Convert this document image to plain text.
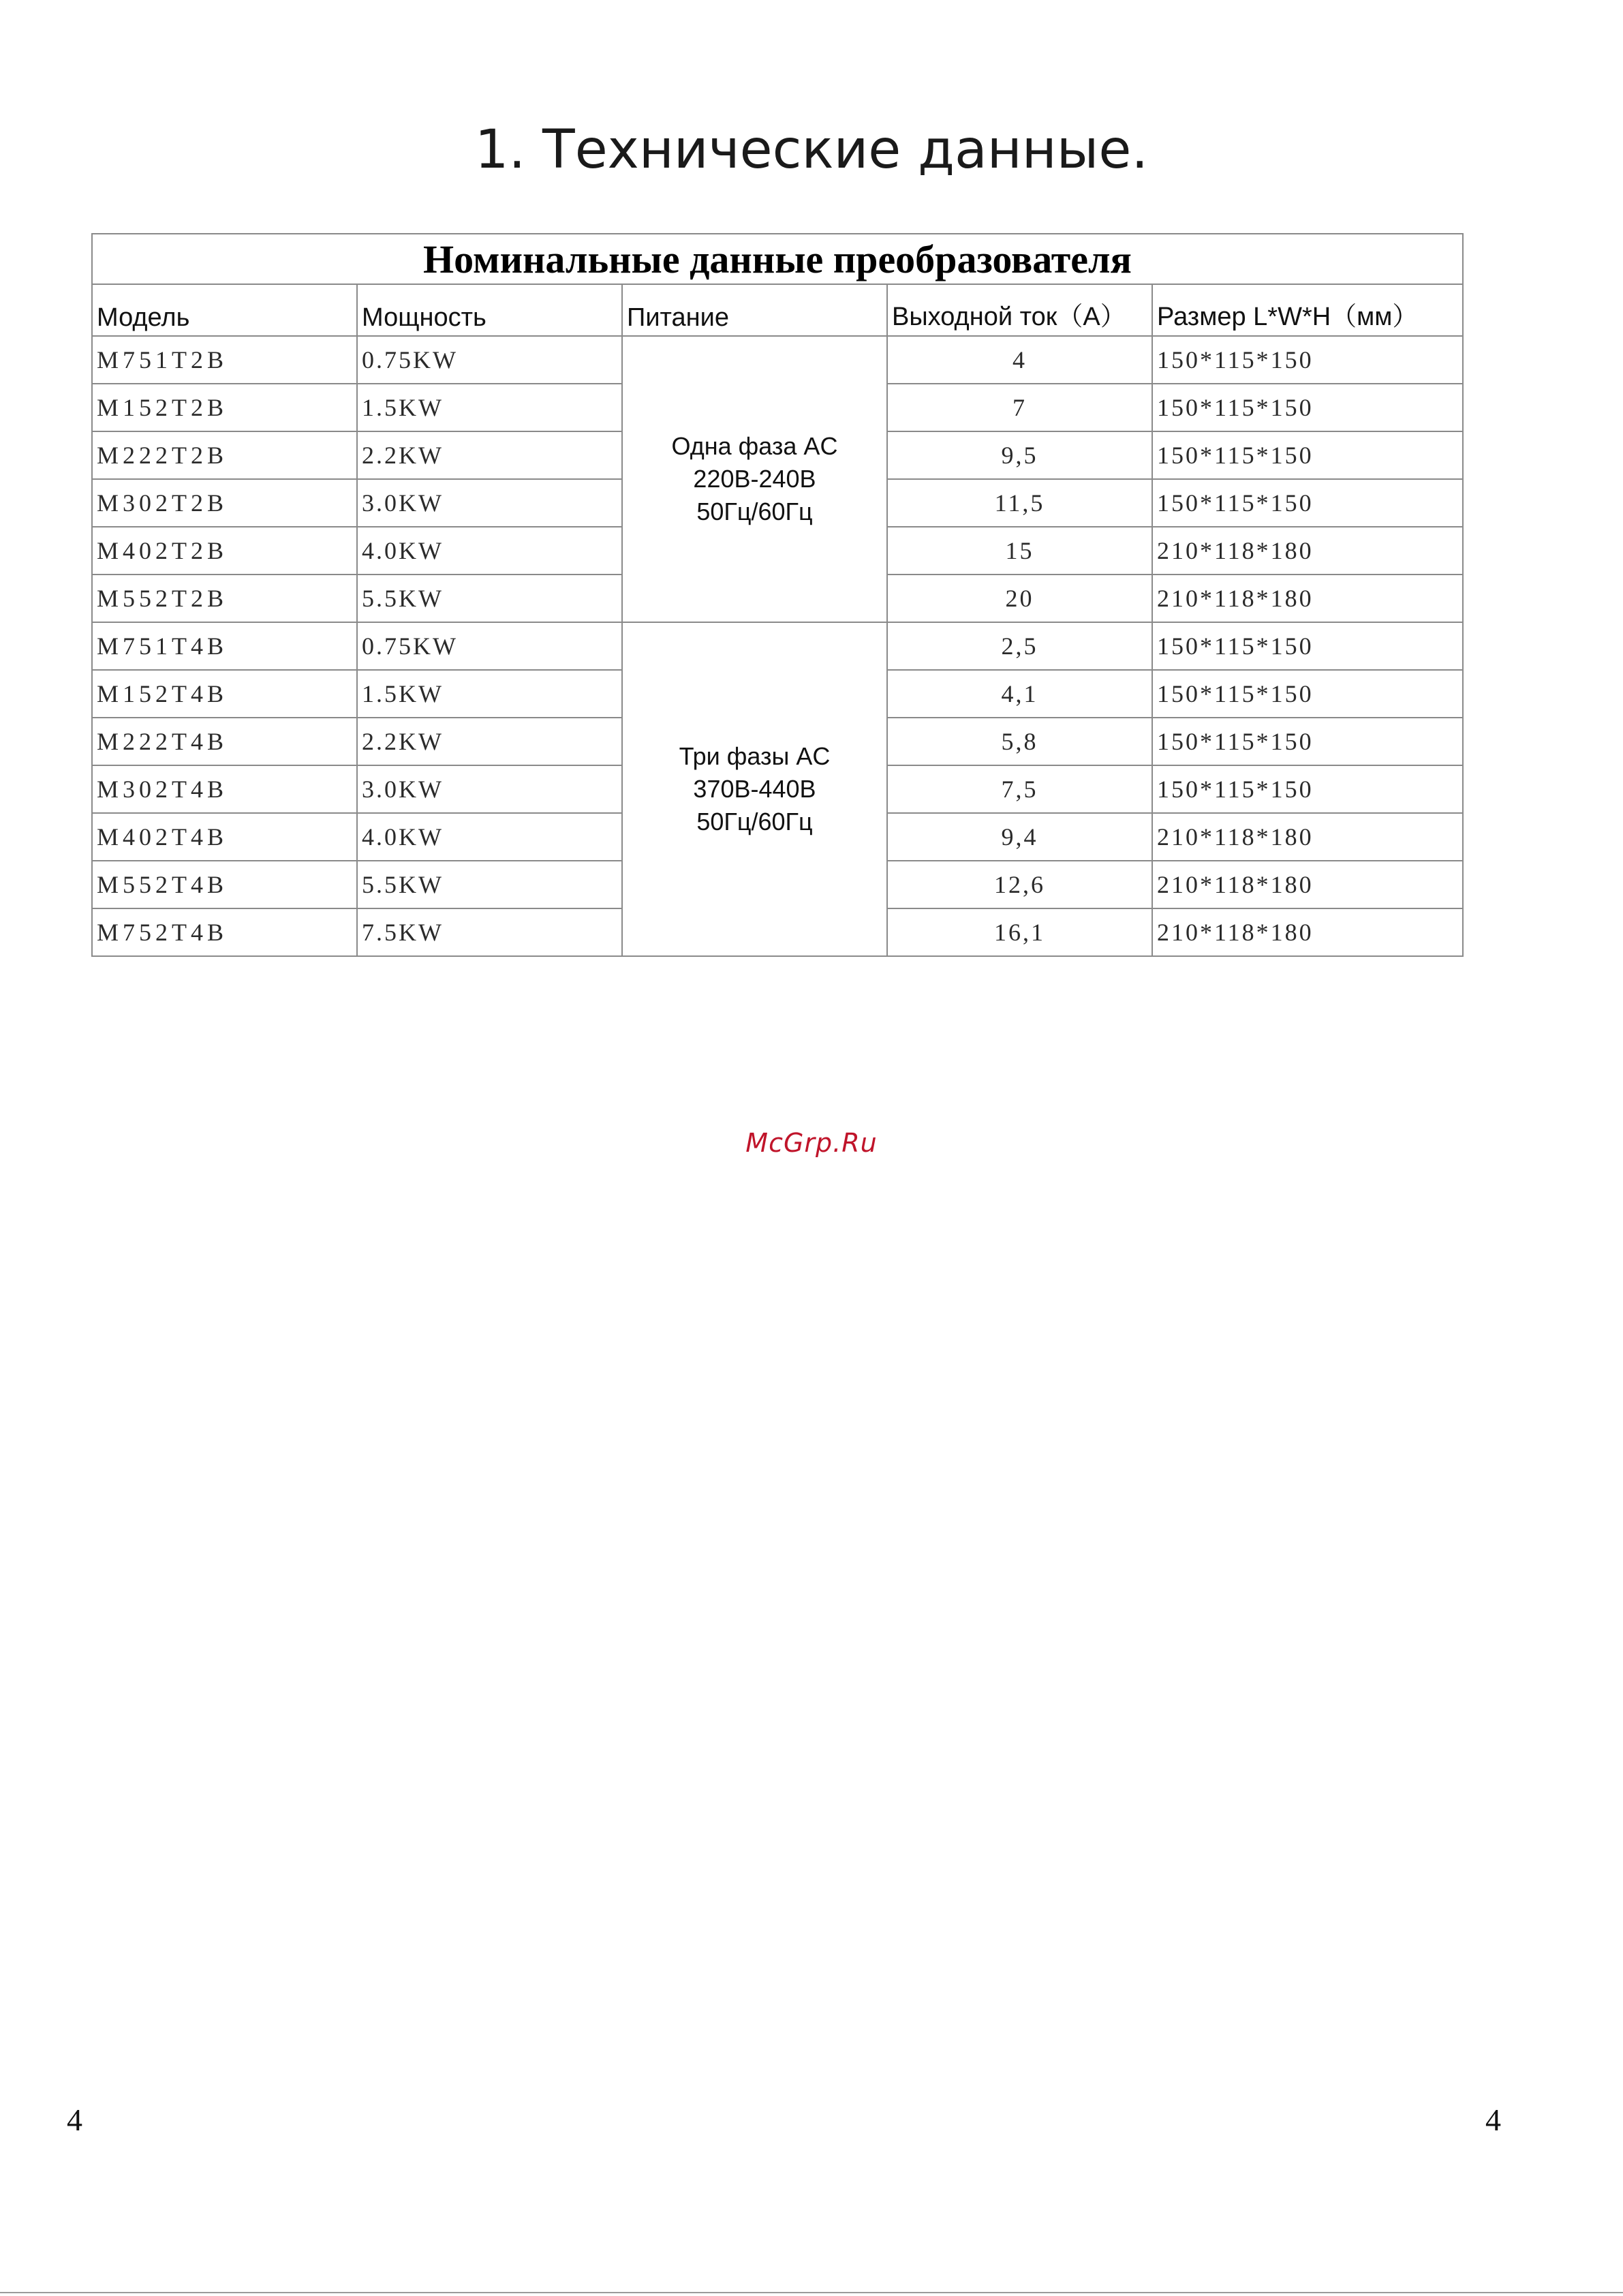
1. Технические данные.
Номинальные данные преобразователя				
Модель	Мощность	Питание	Выходной ток（A）	Размер L*W*H（мм）
M751T2B	0.75KW	Одна фаза AC 220В-240В 50Гц/60Гц	4	150*115*150
M152T2B	1.5KW		7	150*115*150
M222T2B	2.2KW		9,5	150*115*150
M302T2B	3.0KW		11,5	150*115*150
M402T2B	4.0KW		15	210*118*180
M552T2B	5.5KW		20	210*118*180
M751T4B	0.75KW	Три фазы AC 370В-440В 50Гц/60Гц	2,5	150*115*150
M152T4B	1.5KW		4,1	150*115*150
M222T4B	2.2KW		5,8	150*115*150
M302T4B	3.0KW		7,5	150*115*150
M402T4B	4.0KW		9,4	210*118*180
M552T4B	5.5KW		12,6	210*118*180
M752T4B	7.5KW		16,1	210*118*180
McGrp.Ru
4	4
